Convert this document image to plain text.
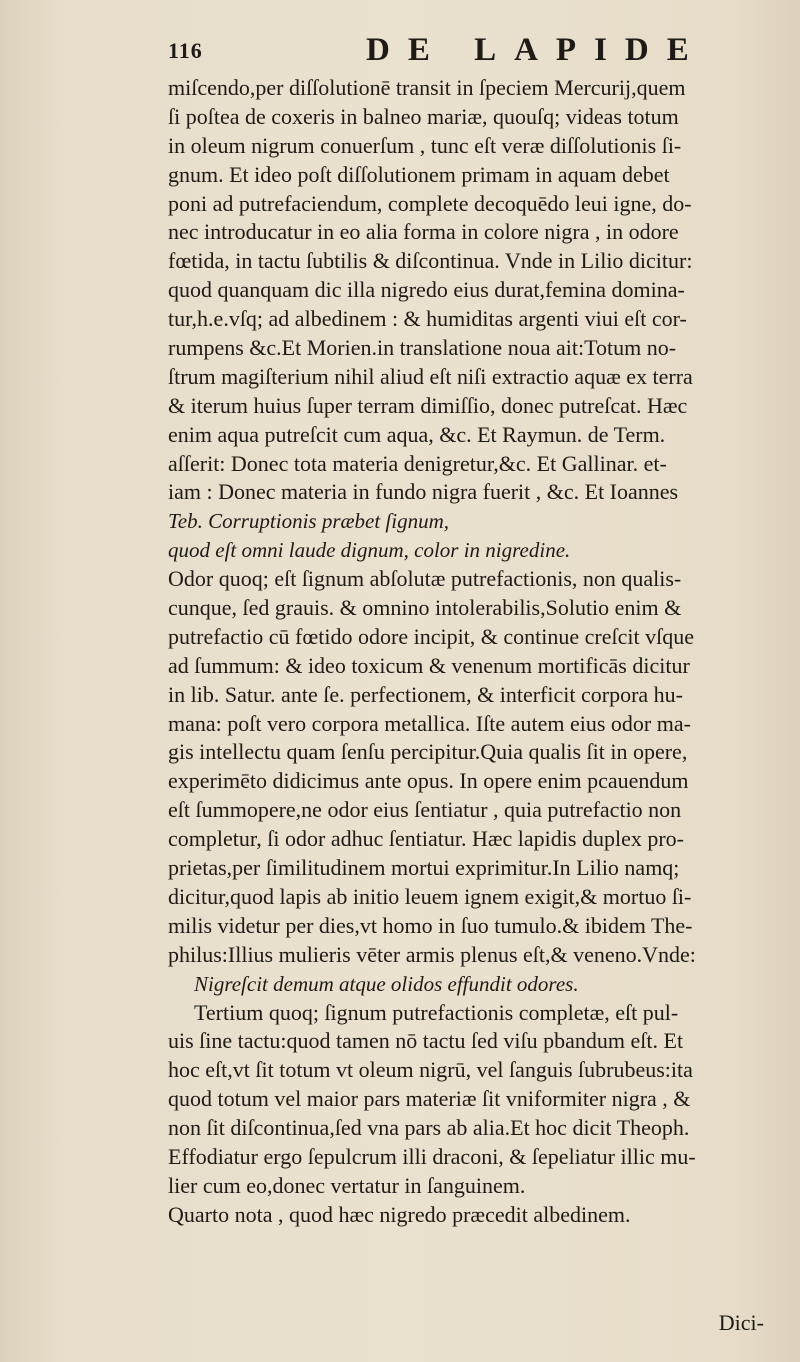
116	DE LAPIDE
miſcendo,per diſſolutionē transit in ſpeciem Mercurij,quem
ſi poſtea de coxeris in balneo mariæ, quouſq; videas totum
in oleum nigrum conuerſum , tunc eſt veræ diſſolutionis ſi-
gnum. Et ideo poſt diſſolutionem primam in aquam debet
poni ad putrefaciendum, complete decoquēdo leui igne, do-
nec introducatur in eo alia forma in colore nigra , in odore
fœtida, in tactu ſubtilis & diſcontinua. Vnde in Lilio dicitur:
quod quanquam dic illa nigredo eius durat,femina domina-
tur,h.e.vſq; ad albedinem : & humiditas argenti viui eſt cor-
rumpens &c.Et Morien.in translatione noua ait:Totum no-
ſtrum magiſterium nihil aliud eſt niſi extractio aquæ ex terra
& iterum huius ſuper terram dimiſſio, donec putreſcat. Hæc
enim aqua putreſcit cum aqua, &c. Et Raymun. de Term.
aſſerit: Donec tota materia denigretur,&c. Et Gallinar. et-
iam : Donec materia in fundo nigra fuerit , &c. Et Ioannes
Teb. Corruptionis præbet ſignum,
quod eſt omni laude dignum, color in nigredine.
Odor quoq; eſt ſignum abſolutæ putrefactionis, non qualis-
cunque, ſed grauis. & omnino intolerabilis,Solutio enim &
putrefactio cū fœtido odore incipit, & continue creſcit vſque
ad ſummum: & ideo toxicum & venenum mortificās dicitur
in lib. Satur. ante ſe. perfectionem, & interficit corpora hu-
mana: poſt vero corpora metallica. Iſte autem eius odor ma-
gis intellectu quam ſenſu percipitur.Quia qualis ſit in opere,
experimēto didicimus ante opus. In opere enim pcauendum
eſt ſummopere,ne odor eius ſentiatur , quia putrefactio non
completur, ſi odor adhuc ſentiatur. Hæc lapidis duplex pro-
prietas,per ſimilitudinem mortui exprimitur.In Lilio namq;
dicitur,quod lapis ab initio leuem ignem exigit,& mortuo ſi-
milis videtur per dies,vt homo in ſuo tumulo.& ibidem The-
philus:Illius mulieris vēter armis plenus eſt,& veneno.Vnde:
Nigreſcit demum atque olidos effundit odores.
Tertium quoq; ſignum putrefactionis completæ, eſt pul-
uis ſine tactu:quod tamen nō tactu ſed viſu pbandum eſt. Et
hoc eſt,vt ſit totum vt oleum nigrū, vel ſanguis ſubrubeus:ita
quod totum vel maior pars materiæ ſit vniformiter nigra , &
non ſit diſcontinua,ſed vna pars ab alia.Et hoc dicit Theoph.
Effodiatur ergo ſepulcrum illi draconi, & ſepeliatur illic mu-
lier cum eo,donec vertatur in ſanguinem.
Quarto nota , quod hæc nigredo præcedit albedinem.
Dici-
